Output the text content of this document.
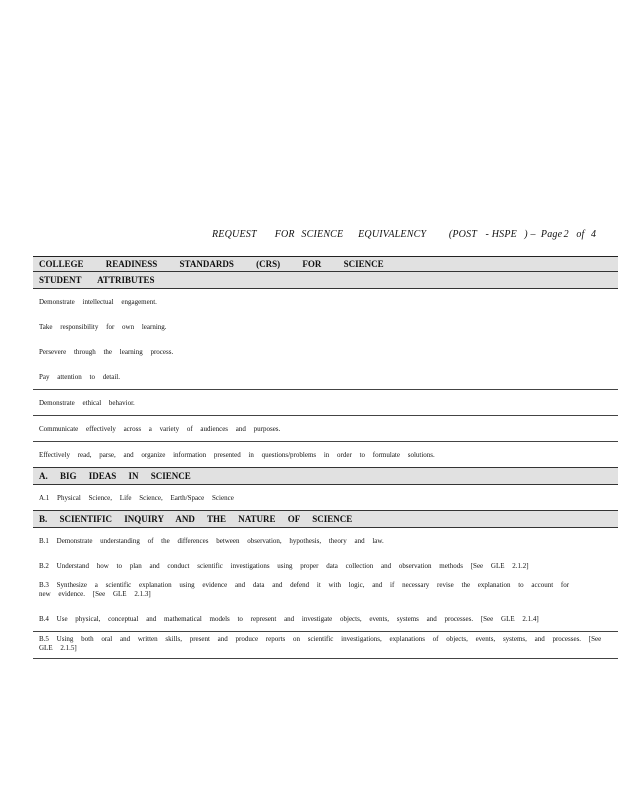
REQUEST FOR SCIENCE EQUIVALENCY (POST - HSPE ) – Page 2 of 4
COLLEGE READINESS STANDARDS (CRS) FOR SCIENCE
STUDENT ATTRIBUTES
Demonstrate intellectual engagement.
Take responsibility for own learning.
Persevere through the learning process.
Pay attention to detail.
Demonstrate ethical behavior.
Communicate effectively across a variety of audiences and purposes.
Effectively read, parse, and organize information presented in questions/problems in order to formulate solutions.
A. BIG IDEAS IN SCIENCE
A.1 Physical Science, Life Science, Earth/Space Science
B. SCIENTIFIC INQUIRY AND THE NATURE OF SCIENCE
B.1 Demonstrate understanding of the differences between observation, hypothesis, theory and law.
B.2 Understand how to plan and conduct scientific investigations using proper data collection and observation methods [See GLE 2.1.2]
B.3 Synthesize a scientific explanation using evidence and data and defend it with logic, and if necessary revise the explanation to account for new evidence. [See GLE 2.1.3]
B.4 Use physical, conceptual and mathematical models to represent and investigate objects, events, systems and processes. [See GLE 2.1.4]
B.5 Using both oral and written skills, present and produce reports on scientific investigations, explanations of objects, events, systems, and processes. [See GLE 2.1.5]
